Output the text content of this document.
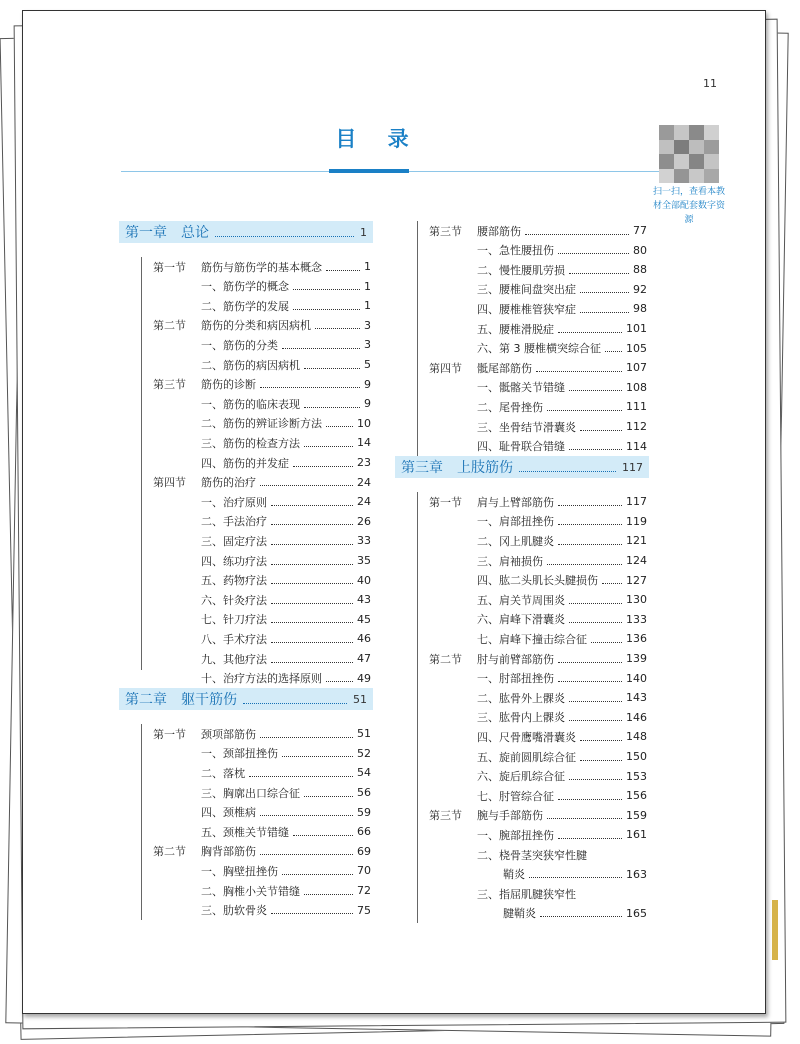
11
目 录
扫一扫，查看本教材全部配套数字资源
第一章 总论	1
第一节	筋伤与筋伤学的基本概念	1
一、筋伤学的概念	1
二、筋伤学的发展	1
第二节	筋伤的分类和病因病机	3
一、筋伤的分类	3
二、筋伤的病因病机	5
第三节	筋伤的诊断	9
一、筋伤的临床表现	9
二、筋伤的辨证诊断方法	10
三、筋伤的检查方法	14
四、筋伤的并发症	23
第四节	筋伤的治疗	24
一、治疗原则	24
二、手法治疗	26
三、固定疗法	33
四、练功疗法	35
五、药物疗法	40
六、针灸疗法	43
七、针刀疗法	45
八、手术疗法	46
九、其他疗法	47
十、治疗方法的选择原则	49
第二章 躯干筋伤	51
第一节	颈项部筋伤	51
一、颈部扭挫伤	52
二、落枕	54
三、胸廓出口综合征	56
四、颈椎病	59
五、颈椎关节错缝	66
第二节	胸背部筋伤	69
一、胸壁扭挫伤	70
二、胸椎小关节错缝	72
三、肋软骨炎	75
第三节	腰部筋伤	77
一、急性腰扭伤	80
二、慢性腰肌劳损	88
三、腰椎间盘突出症	92
四、腰椎椎管狭窄症	98
五、腰椎滑脱症	101
六、第 3 腰椎横突综合征 105
第四节	骶尾部筋伤	107
一、骶髂关节错缝	108
二、尾骨挫伤	111
三、坐骨结节滑囊炎	112
四、耻骨联合错缝	114
第三章 上肢筋伤	117
第一节	肩与上臂部筋伤	117
一、肩部扭挫伤	119
二、冈上肌腱炎	121
三、肩袖损伤	124
四、肱二头肌长头腱损伤	127
五、肩关节周围炎	130
六、肩峰下滑囊炎	133
七、肩峰下撞击综合征	136
第二节	肘与前臂部筋伤	139
一、肘部扭挫伤	140
二、肱骨外上髁炎	143
三、肱骨内上髁炎	146
四、尺骨鹰嘴滑囊炎	148
五、旋前圆肌综合征	150
六、旋后肌综合征	153
七、肘管综合征	156
第三节	腕与手部筋伤	159
一、腕部扭挫伤	161
二、桡骨茎突狭窄性腱
鞘炎	163
三、指屈肌腱狭窄性
腱鞘炎	165
